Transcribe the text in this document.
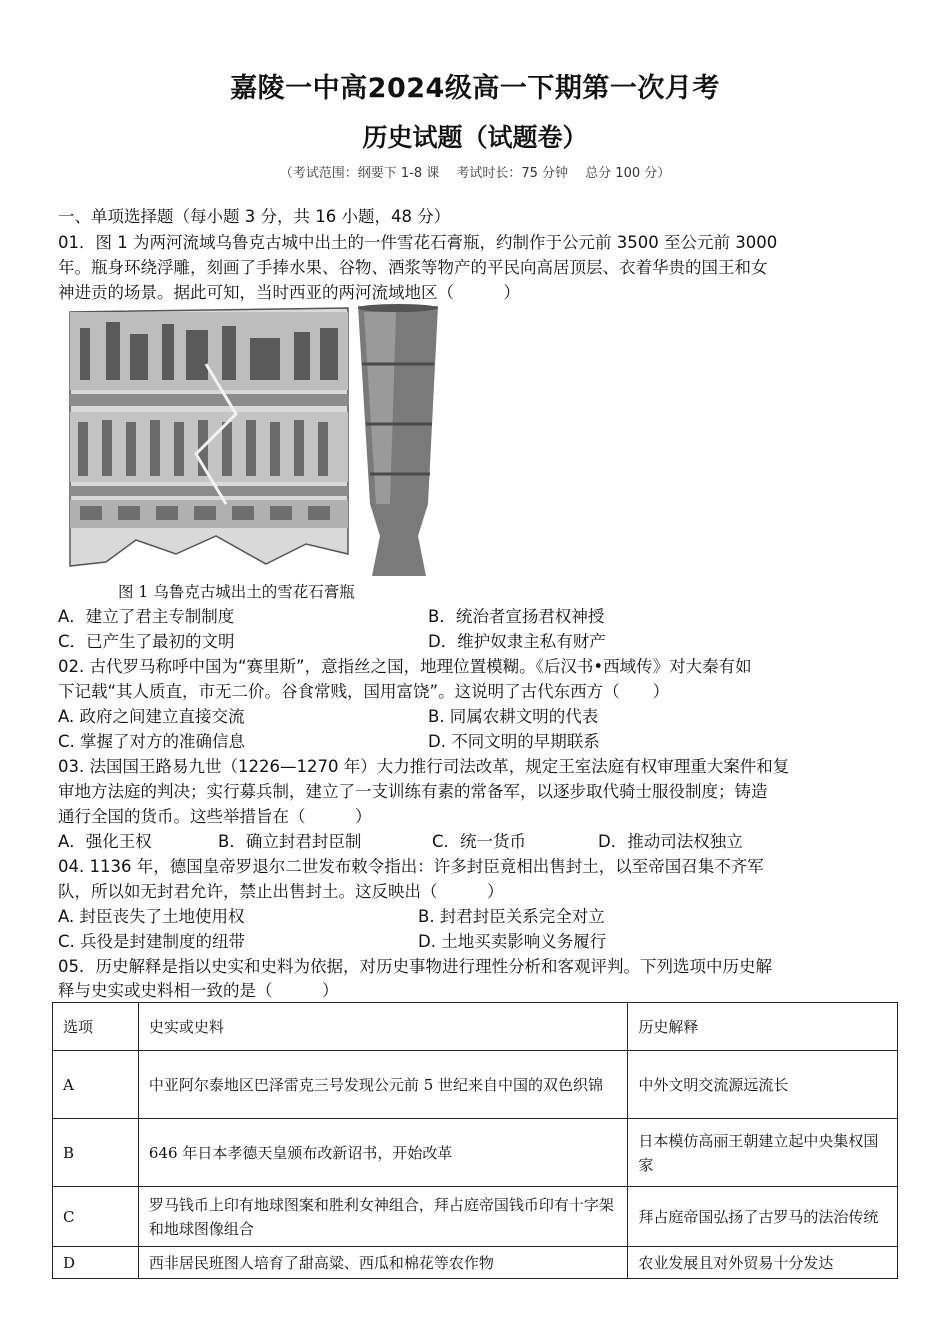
嘉陵一中高2024级高一下期第一次月考
历史试题（试题卷）
（考试范围：纲要下 1-8 课　 考试时长：75 分钟　 总分 100 分）
一、单项选择题（每小题 3 分，共 16 小题，48 分）
01．图 1 为两河流域乌鲁克古城中出土的一件雪花石膏瓶，约制作于公元前 3500 至公元前 3000
年。瓶身环绕浮雕，刻画了手捧水果、谷物、酒浆等物产的平民向高居顶层、衣着华贵的国王和女
神进贡的场景。据此可知，当时西亚的两河流域地区（　　　）
图 1 乌鲁克古城出土的雪花石膏瓶
A．建立了君主专制制度	B．统治者宣扬君权神授
C．已产生了最初的文明	D．维护奴隶主私有财产
02. 古代罗马称呼中国为“赛里斯”，意指丝之国，地理位置模糊。《后汉书•西域传》对大秦有如
下记载“其人质直，市无二价。谷食常贱，国用富饶”。这说明了古代东西方（　　）
A. 政府之间建立直接交流	B. 同属农耕文明的代表
C. 掌握了对方的准确信息	D. 不同文明的早期联系
03. 法国国王路易九世（1226—1270 年）大力推行司法改革，规定王室法庭有权审理重大案件和复
审地方法庭的判决；实行募兵制，建立了一支训练有素的常备军，以逐步取代骑士服役制度；铸造
通行全国的货币。这些举措旨在（　　　）
A．强化王权	B．确立封君封臣制	C．统一货币	D．推动司法权独立
04. 1136 年，德国皇帝罗退尔二世发布敕令指出：许多封臣竟相出售封土，以至帝国召集不齐军
队，所以如无封君允许，禁止出售封土。这反映出（　　　）
A. 封臣丧失了土地使用权	B. 封君封臣关系完全对立
C. 兵役是封建制度的纽带	D. 土地买卖影响义务履行
05．历史解释是指以史实和史料为依据，对历史事物进行理性分析和客观评判。下列选项中历史解
释与史实或史料相一致的是（　　　）
选项	史实或史料	历史解释
A	中亚阿尔泰地区巴泽雷克三号发现公元前 5 世纪来自中国的双色织锦	中外文明交流源远流长
B	646 年日本孝德天皇颁布改新诏书，开始改革	日本模仿高丽王朝建立起中央集权国家
C	罗马钱币上印有地球图案和胜利女神组合，拜占庭帝国钱币印有十字架和地球图像组合	拜占庭帝国弘扬了古罗马的法治传统
D	西非居民班图人培育了甜高粱、西瓜和棉花等农作物	农业发展且对外贸易十分发达
